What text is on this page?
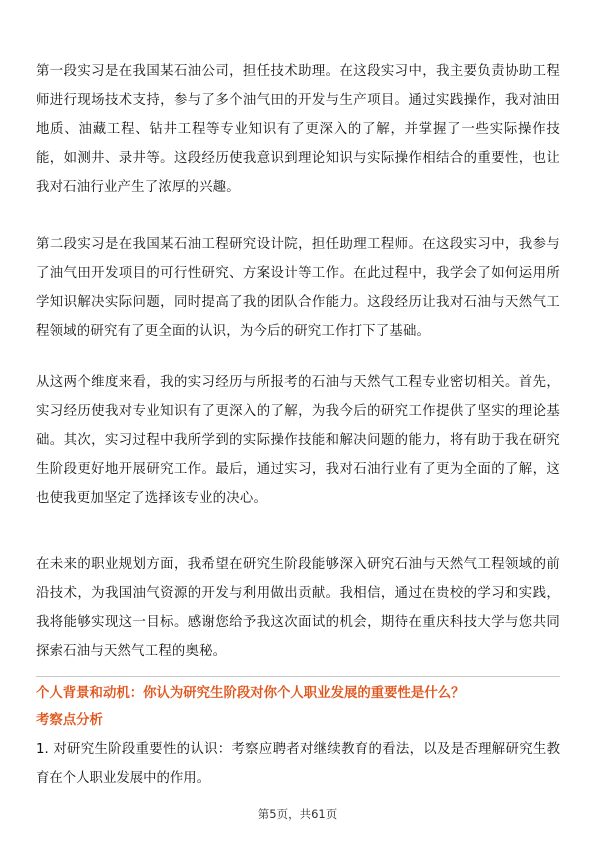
第一段实习是在我国某石油公司，担任技术助理。在这段实习中，我主要负责协助工程师进行现场技术支持，参与了多个油气田的开发与生产项目。通过实践操作，我对油田地质、油藏工程、钻井工程等专业知识有了更深入的了解，并掌握了一些实际操作技能，如测井、录井等。这段经历使我意识到理论知识与实际操作相结合的重要性，也让我对石油行业产生了浓厚的兴趣。

第二段实习是在我国某石油工程研究设计院，担任助理工程师。在这段实习中，我参与了油气田开发项目的可行性研究、方案设计等工作。在此过程中，我学会了如何运用所学知识解决实际问题，同时提高了我的团队合作能力。这段经历让我对石油与天然气工程领域的研究有了更全面的认识，为今后的研究工作打下了基础。

从这两个维度来看，我的实习经历与所报考的石油与天然气工程专业密切相关。首先，实习经历使我对专业知识有了更深入的了解，为我今后的研究工作提供了坚实的理论基础。其次，实习过程中我所学到的实际操作技能和解决问题的能力，将有助于我在研究生阶段更好地开展研究工作。最后，通过实习，我对石油行业有了更为全面的了解，这也使我更加坚定了选择该专业的决心。

在未来的职业规划方面，我希望在研究生阶段能够深入研究石油与天然气工程领域的前沿技术，为我国油气资源的开发与利用做出贡献。我相信，通过在贵校的学习和实践，我将能够实现这一目标。感谢您给予我这次面试的机会，期待在重庆科技大学与您共同探索石油与天然气工程的奥秘。

个人背景和动机：你认为研究生阶段对你个人职业发展的重要性是什么？

考察点分析

1. 对研究生阶段重要性的认识：考察应聘者对继续教育的看法，以及是否理解研究生教育在个人职业发展中的作用。

第5页，共61页
